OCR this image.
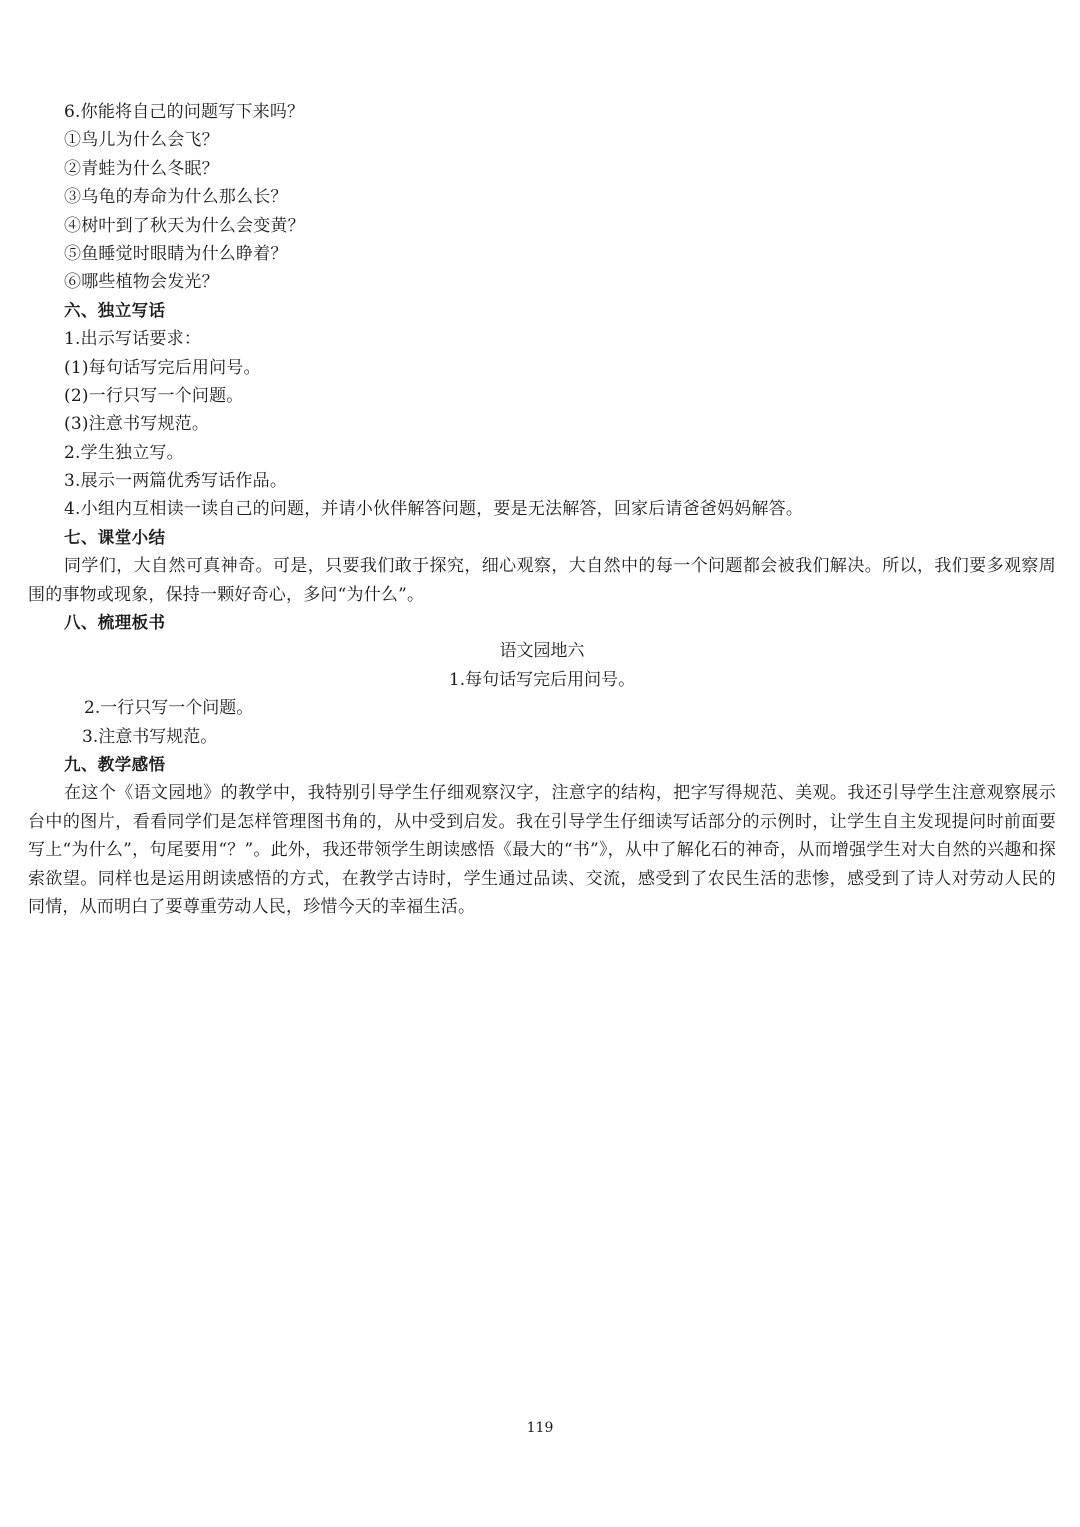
6.你能将自己的问题写下来吗？
①鸟儿为什么会飞？
②青蛙为什么冬眠？
③乌龟的寿命为什么那么长？
④树叶到了秋天为什么会变黄？
⑤鱼睡觉时眼睛为什么睁着？
⑥哪些植物会发光？
六、独立写话
1.出示写话要求：
(1)每句话写完后用问号。
(2)一行只写一个问题。
(3)注意书写规范。
2.学生独立写。
3.展示一两篇优秀写话作品。
4.小组内互相读一读自己的问题，并请小伙伴解答问题，要是无法解答，回家后请爸爸妈妈解答。
七、课堂小结

同学们，大自然可真神奇。可是，只要我们敢于探究，细心观察，大自然中的每一个问题都会被我们解决。所以，我们要多观察周围的事物或现象，保持一颗好奇心，多问“为什么”。

八、梳理板书
语文园地六
1.每句话写完后用问号。
2.一行只写一个问题。
3.注意书写规范。
九、教学感悟

在这个《语文园地》的教学中，我特别引导学生仔细观察汉字，注意字的结构，把字写得规范、美观。我还引导学生注意观察展示台中的图片，看看同学们是怎样管理图书角的，从中受到启发。我在引导学生仔细读写话部分的示例时，让学生自主发现提问时前面要写上“为什么”，句尾要用“？”。此外，我还带领学生朗读感悟《最大的“书”》，从中了解化石的神奇，从而增强学生对大自然的兴趣和探索欲望。同样也是运用朗读感悟的方式，在教学古诗时，学生通过品读、交流，感受到了农民生活的悲惨，感受到了诗人对劳动人民的同情，从而明白了要尊重劳动人民，珍惜今天的幸福生活。

119
